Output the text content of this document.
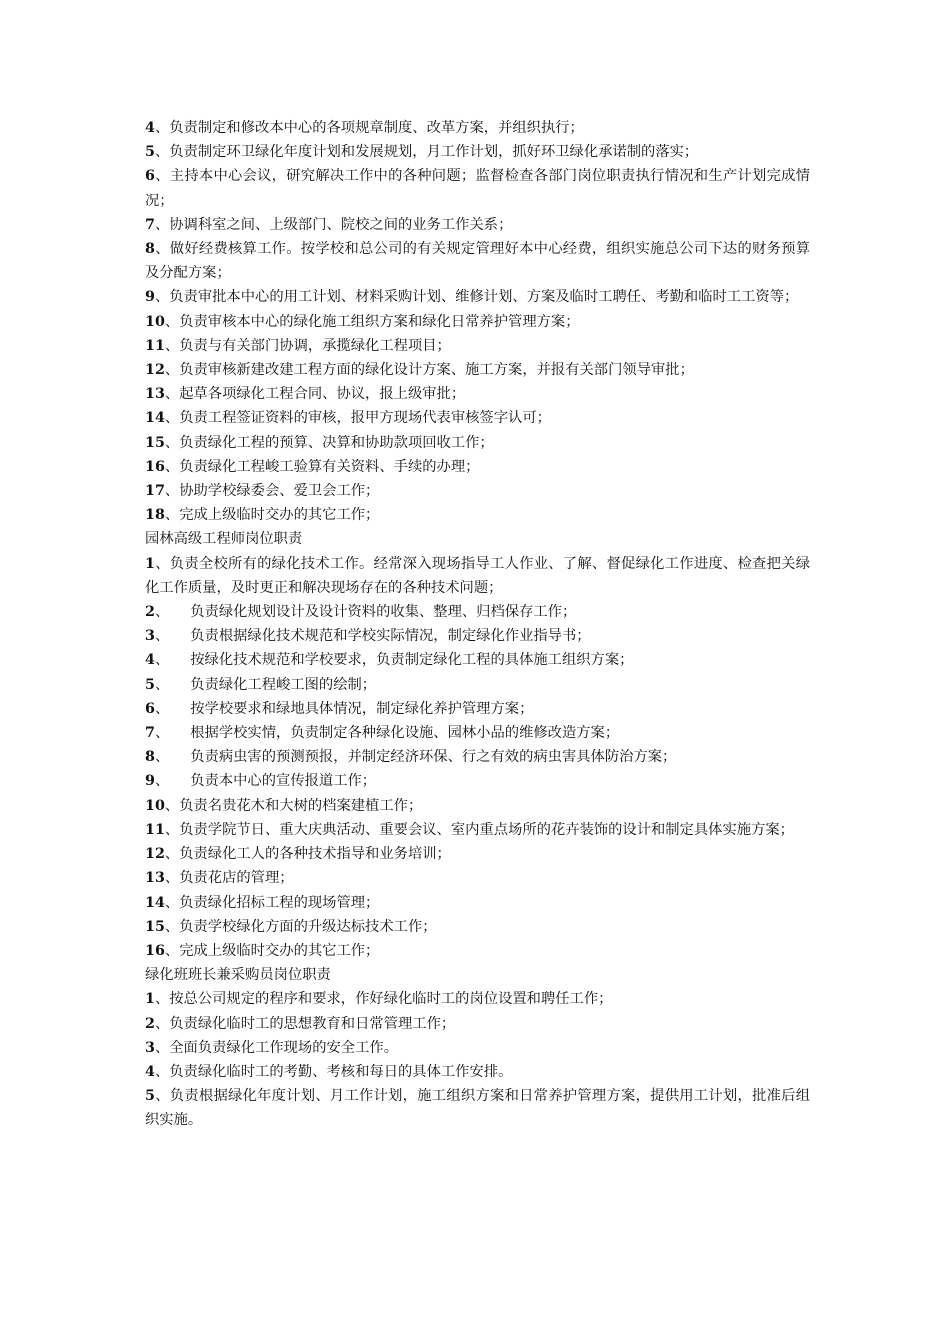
4、负责制定和修改本中心的各项规章制度、改革方案，并组织执行；

5、负责制定环卫绿化年度计划和发展规划，月工作计划，抓好环卫绿化承诺制的落实；

6、主持本中心会议，研究解决工作中的各种问题；监督检查各部门岗位职责执行情况和生产计划完成情况；

7、协调科室之间、上级部门、院校之间的业务工作关系；

8、做好经费核算工作。按学校和总公司的有关规定管理好本中心经费，组织实施总公司下达的财务预算及分配方案；

9、负责审批本中心的用工计划、材料采购计划、维修计划、方案及临时工聘任、考勤和临时工工资等；

10、负责审核本中心的绿化施工组织方案和绿化日常养护管理方案；

11、负责与有关部门协调，承揽绿化工程项目；

12、负责审核新建改建工程方面的绿化设计方案、施工方案，并报有关部门领导审批；

13、起草各项绿化工程合同、协议，报上级审批；

14、负责工程签证资料的审核，报甲方现场代表审核签字认可；

15、负责绿化工程的预算、决算和协助款项回收工作；

16、负责绿化工程峻工验算有关资料、手续的办理；

17、协助学校绿委会、爱卫会工作；

18、完成上级临时交办的其它工作；

园林高级工程师岗位职责

1、负责全校所有的绿化技术工作。经常深入现场指导工人作业、了解、督促绿化工作进度、检查把关绿化工作质量，及时更正和解决现场存在的各种技术问题；

2、 负责绿化规划设计及设计资料的收集、整理、归档保存工作；

3、 负责根据绿化技术规范和学校实际情况，制定绿化作业指导书；

4、 按绿化技术规范和学校要求，负责制定绿化工程的具体施工组织方案；

5、 负责绿化工程峻工图的绘制；

6、 按学校要求和绿地具体情况，制定绿化养护管理方案；

7、 根据学校实情，负责制定各种绿化设施、园林小品的维修改造方案；

8、 负责病虫害的预测预报，并制定经济环保、行之有效的病虫害具体防治方案；

9、 负责本中心的宣传报道工作；

10、负责名贵花木和大树的档案建植工作；

11、负责学院节日、重大庆典活动、重要会议、室内重点场所的花卉装饰的设计和制定具体实施方案；

12、负责绿化工人的各种技术指导和业务培训；

13、负责花店的管理；

14、负责绿化招标工程的现场管理；

15、负责学校绿化方面的升级达标技术工作；

16、完成上级临时交办的其它工作；

绿化班班长兼采购员岗位职责

1、按总公司规定的程序和要求，作好绿化临时工的岗位设置和聘任工作；

2、负责绿化临时工的思想教育和日常管理工作；

3、全面负责绿化工作现场的安全工作。

4、负责绿化临时工的考勤、考核和每日的具体工作安排。

5、负责根据绿化年度计划、月工作计划，施工组织方案和日常养护管理方案，提供用工计划，批准后组织实施。
